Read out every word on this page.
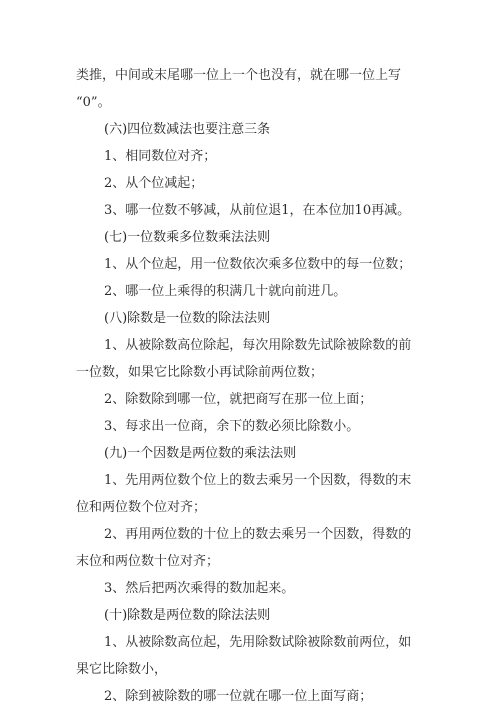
类推，中间或末尾哪一位上一个也没有，就在哪一位上写
“0”。
(六)四位数减法也要注意三条
1、相同数位对齐；
2、从个位减起；
3、哪一位数不够减，从前位退1，在本位加10再减。
(七)一位数乘多位数乘法法则
1、从个位起，用一位数依次乘多位数中的每一位数；
2、哪一位上乘得的积满几十就向前进几。
(八)除数是一位数的除法法则
1、从被除数高位除起，每次用除数先试除被除数的前
一位数，如果它比除数小再试除前两位数；
2、除数除到哪一位，就把商写在那一位上面；
3、每求出一位商，余下的数必须比除数小。
(九)一个因数是两位数的乘法法则
1、先用两位数个位上的数去乘另一个因数，得数的末
位和两位数个位对齐；
2、再用两位数的十位上的数去乘另一个因数，得数的
末位和两位数十位对齐；
3、然后把两次乘得的数加起来。
(十)除数是两位数的除法法则
1、从被除数高位起，先用除数试除被除数前两位，如
果它比除数小，
2、除到被除数的哪一位就在哪一位上面写商；
